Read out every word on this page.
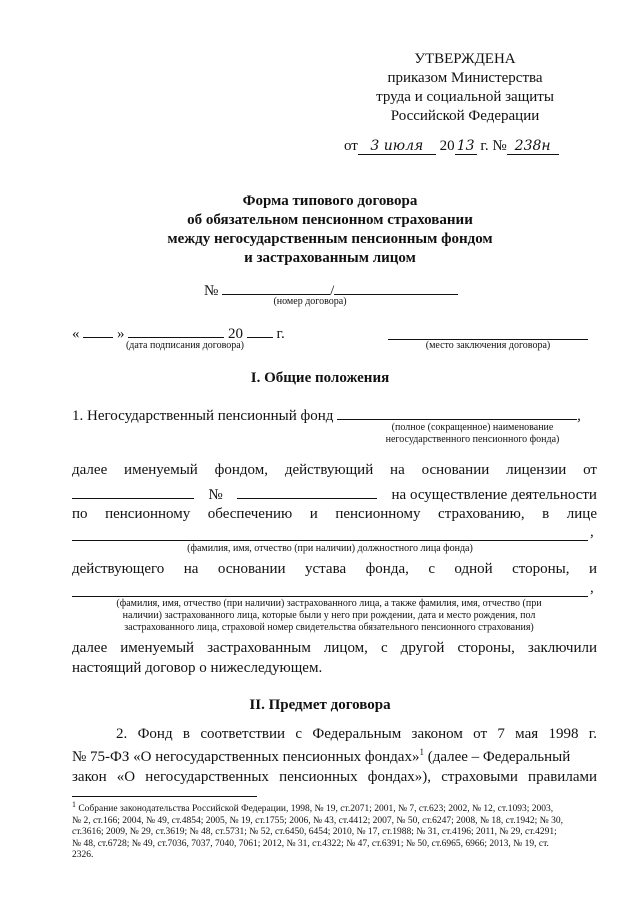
УТВЕРЖДЕНА
приказом Министерства
труда и социальной защиты
Российской Федерации
от 3 июля 20 13 г. № 238н
Форма типового договора
об обязательном пенсионном страховании
между негосударственным пенсионным фондом
и застрахованным лицом
№	/
(номер договора)
«	»	20 г.
(дата подписания договора)	(место заключения договора)
I. Общие положения
1. Негосударственный пенсионный фонд	,
(полное (сокращенное) наименование
негосударственного пенсионного фонда)
далее именуемый фондом, действующий на основании лицензии от
№	на осуществление деятельности
по пенсионному обеспечению и пенсионному страхованию, в лице
,
(фамилия, имя, отчество (при наличии) должностного лица фонда)
действующего на основании устава фонда, с одной стороны, и
,
(фамилия, имя, отчество (при наличии) застрахованного лица, а также фамилия, имя, отчество (при
наличии) застрахованного лица, которые были у него при рождении, дата и место рождения, пол
застрахованного лица, страховой номер свидетельства обязательного пенсионного страхования)
далее именуемый застрахованным лицом, с другой стороны, заключили
настоящий договор о нижеследующем.
II. Предмет договора
2. Фонд в соответствии с Федеральным законом от 7 мая 1998 г.
№ 75-ФЗ «О негосударственных пенсионных фондах»$^1$ (далее – Федеральный
закон «О негосударственных пенсионных фондах»), страховыми правилами
$^1$ Собрание законодательства Российской Федерации, 1998, № 19, ст.2071; 2001, № 7, ст.623; 2002, № 12, ст.1093; 2003,
№ 2, ст.166; 2004, № 49, ст.4854; 2005, № 19, ст.1755; 2006, № 43, ст.4412; 2007, № 50, ст.6247; 2008, № 18, ст.1942; № 30,
ст.3616; 2009, № 29, ст.3619; № 48, ст.5731; № 52, ст.6450, 6454; 2010, № 17, ст.1988; № 31, ст.4196; 2011, № 29, ст.4291;
№ 48, ст.6728; № 49, ст.7036, 7037, 7040, 7061; 2012, № 31, ст.4322; № 47, ст.6391; № 50, ст.6965, 6966; 2013, № 19, ст.
2326.
